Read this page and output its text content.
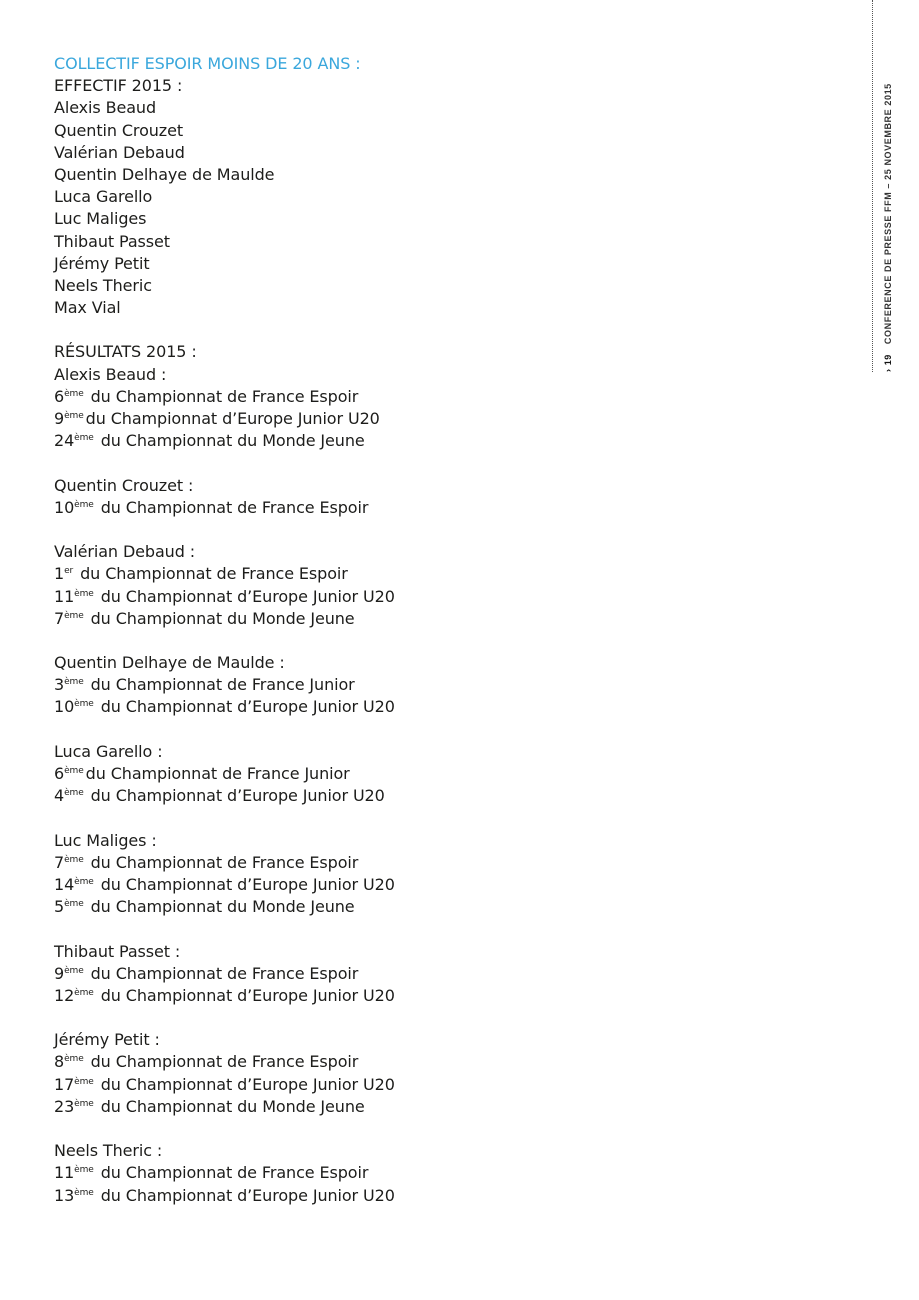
COLLECTIF ESPOIR MOINS DE 20 ANS :
EFFECTIF 2015 :
Alexis Beaud
Quentin Crouzet
Valérian Debaud
Quentin Delhaye de Maulde
Luca Garello
Luc Maliges
Thibaut Passet
Jérémy Petit
Neels Theric
Max Vial
RÉSULTATS 2015 :
Alexis Beaud :
6ème du Championnat de France Espoir
9ème du Championnat d’Europe Junior U20
24ème du Championnat du Monde Jeune
Quentin Crouzet :
10ème du Championnat de France Espoir
Valérian Debaud :
1er du Championnat de France Espoir
11ème du Championnat d’Europe Junior U20
7ème du Championnat du Monde Jeune
Quentin Delhaye de Maulde :
3ème du Championnat de France Junior
10ème du Championnat d’Europe Junior U20
Luca Garello :
6ème du Championnat de France Junior
4ème du Championnat d’Europe Junior U20
Luc Maliges :
7ème du Championnat de France Espoir
14ème du Championnat d’Europe Junior U20
5ème du Championnat du Monde Jeune
Thibaut Passet :
9ème du Championnat de France Espoir
12ème du Championnat d’Europe Junior U20
Jérémy Petit :
8ème du Championnat de France Espoir
17ème du Championnat d’Europe Junior U20
23ème du Championnat du Monde Jeune
Neels Theric :
11ème du Championnat de France Espoir
13ème du Championnat d’Europe Junior U20
› 19CONFERENCE DE PRESSE FFM – 25 NOVEMBRE 2015
